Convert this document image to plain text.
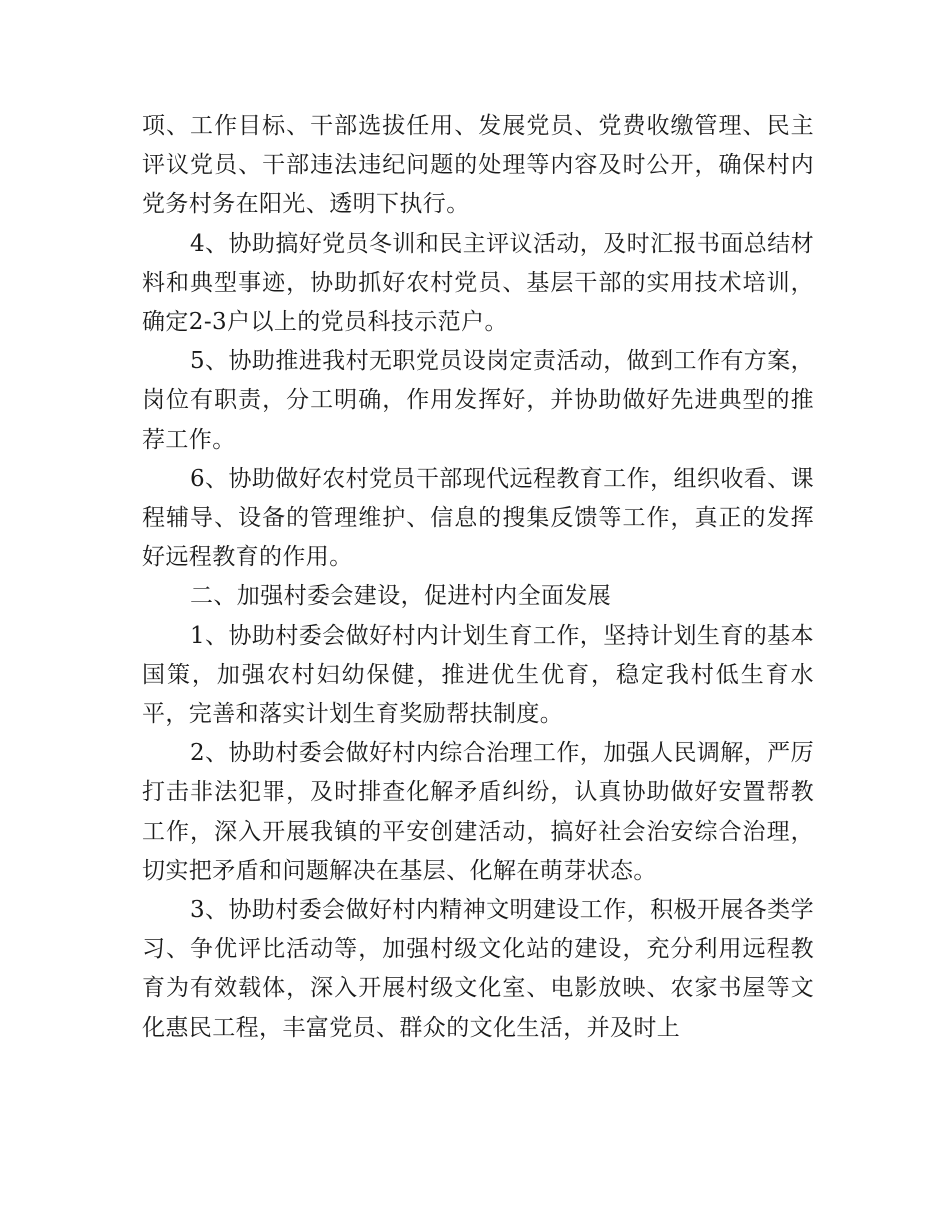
项、工作目标、干部选拔任用、发展党员、党费收缴管理、民主评议党员、干部违法违纪问题的处理等内容及时公开，确保村内党务村务在阳光、透明下执行。

4、协助搞好党员冬训和民主评议活动，及时汇报书面总结材料和典型事迹，协助抓好农村党员、基层干部的实用技术培训，确定2-3户以上的党员科技示范户。

5、协助推进我村无职党员设岗定责活动，做到工作有方案，岗位有职责，分工明确，作用发挥好，并协助做好先进典型的推荐工作。

6、协助做好农村党员干部现代远程教育工作，组织收看、课程辅导、设备的管理维护、信息的搜集反馈等工作，真正的发挥好远程教育的作用。

二、加强村委会建设，促进村内全面发展

1、协助村委会做好村内计划生育工作，坚持计划生育的基本国策，加强农村妇幼保健，推进优生优育，稳定我村低生育水平，完善和落实计划生育奖励帮扶制度。

2、协助村委会做好村内综合治理工作，加强人民调解，严厉打击非法犯罪，及时排查化解矛盾纠纷，认真协助做好安置帮教工作，深入开展我镇的平安创建活动，搞好社会治安综合治理，切实把矛盾和问题解决在基层、化解在萌芽状态。

3、协助村委会做好村内精神文明建设工作，积极开展各类学习、争优评比活动等，加强村级文化站的建设，充分利用远程教育为有效载体，深入开展村级文化室、电影放映、农家书屋等文化惠民工程，丰富党员、群众的文化生活，并及时上
